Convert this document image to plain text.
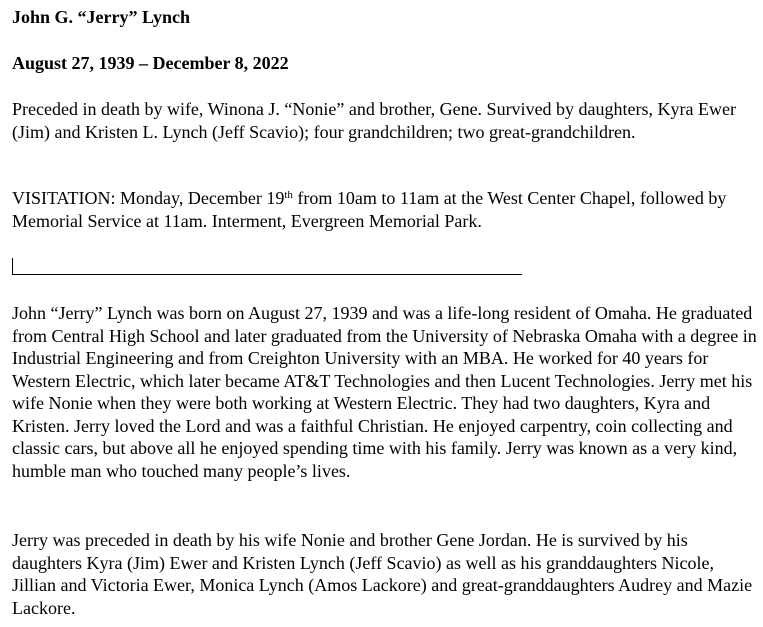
John G. “Jerry” Lynch
August 27, 1939 – December 8, 2022

Preceded in death by wife, Winona J. “Nonie” and brother, Gene. Survived by daughters, Kyra Ewer (Jim) and Kristen L. Lynch (Jeff Scavio); four grandchildren; two great-grandchildren.

VISITATION: Monday, December 19th from 10am to 11am at the West Center Chapel, followed by Memorial Service at 11am. Interment, Evergreen Memorial Park.

John “Jerry” Lynch was born on August 27, 1939 and was a life-long resident of Omaha. He graduated from Central High School and later graduated from the University of Nebraska Omaha with a degree in Industrial Engineering and from Creighton University with an MBA. He worked for 40 years for Western Electric, which later became AT&T Technologies and then Lucent Technologies. Jerry met his wife Nonie when they were both working at Western Electric. They had two daughters, Kyra and Kristen. Jerry loved the Lord and was a faithful Christian. He enjoyed carpentry, coin collecting and classic cars, but above all he enjoyed spending time with his family. Jerry was known as a very kind, humble man who touched many people’s lives.

Jerry was preceded in death by his wife Nonie and brother Gene Jordan. He is survived by his daughters Kyra (Jim) Ewer and Kristen Lynch (Jeff Scavio) as well as his granddaughters Nicole, Jillian and Victoria Ewer, Monica Lynch (Amos Lackore) and great-granddaughters Audrey and Mazie Lackore.
